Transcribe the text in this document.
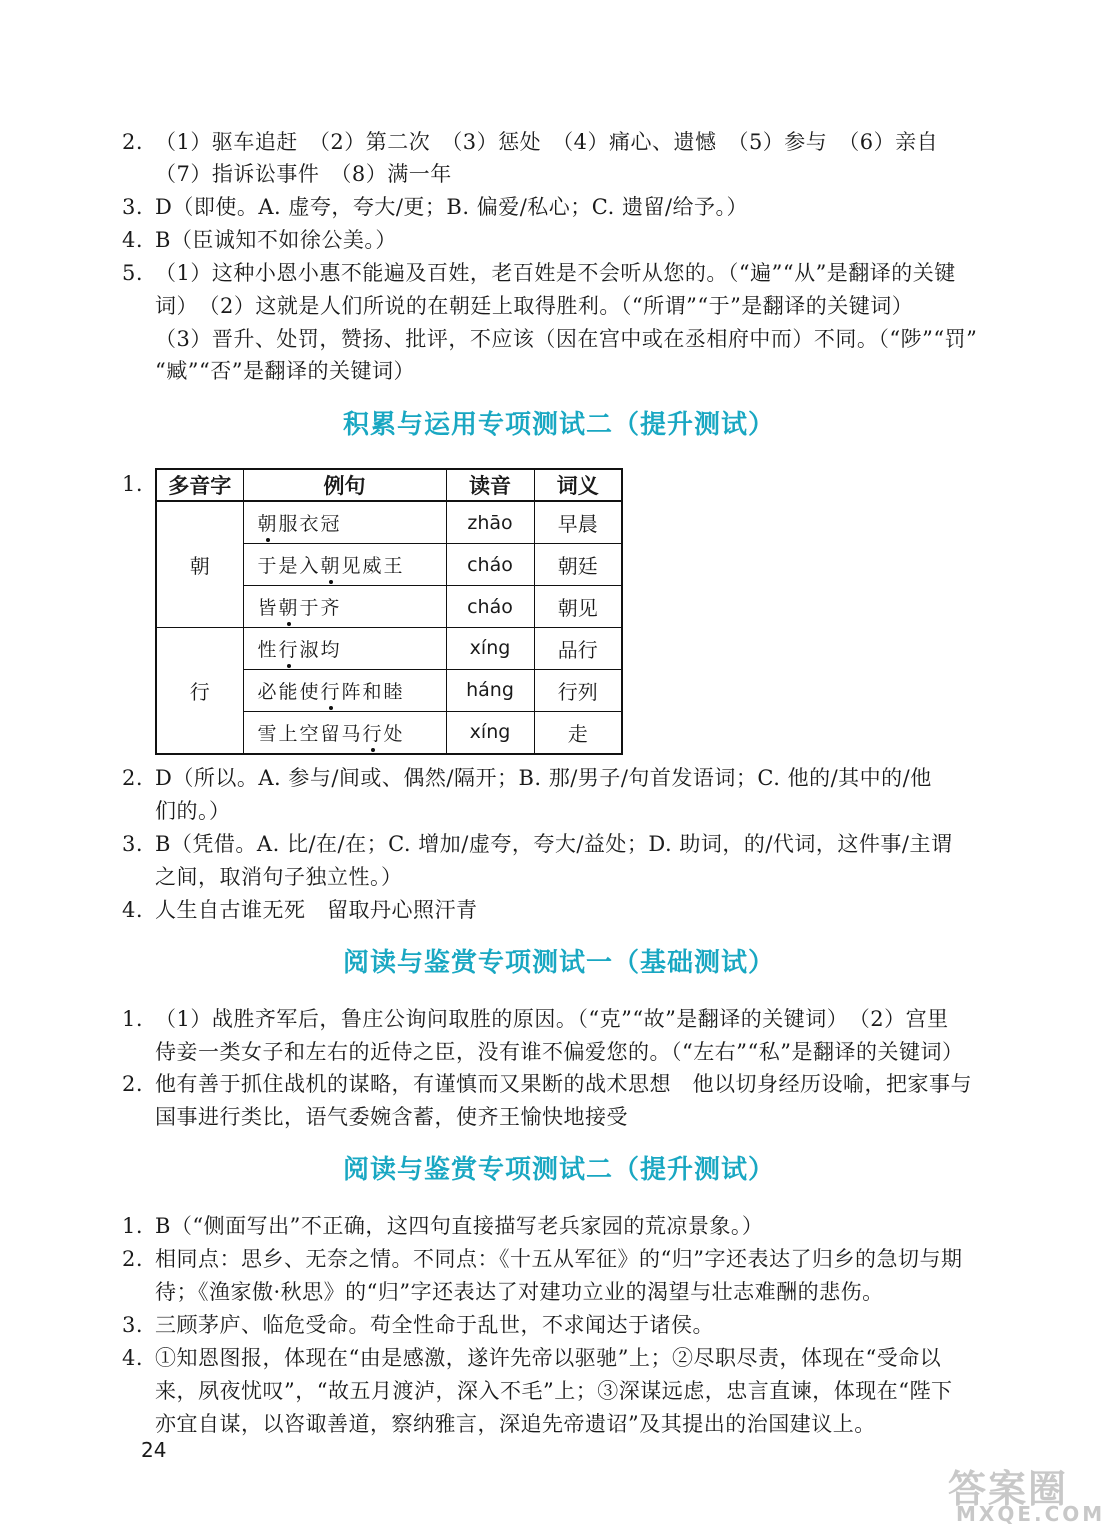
2. （1）驱车追赶　（2）第二次　（3）惩处　（4）痛心、遗憾　（5）参与　（6）亲自
（7）指诉讼事件　（8）满一年
3. D（即使。A. 虚夸，夸大/更；B. 偏爱/私心；C. 遗留/给予。）
4. B（臣诚知不如徐公美。）
5. （1）这种小恩小惠不能遍及百姓，老百姓是不会听从您的。（“遍”“从”是翻译的关键
词）　（2）这就是人们所说的在朝廷上取得胜利。（“所谓”“于”是翻译的关键词）
（3）晋升、处罚，赞扬、批评，不应该（因在宫中或在丞相府中而）不同。（“陟”“罚”
“臧”“否”是翻译的关键词）
积累与运用专项测试二（提升测试）
1. 多音字	例句	读音	词义
朝	朝服衣冠	zhāo	早晨
	于是入朝见威王	cháo	朝廷
	皆朝于齐	cháo	朝见
行	性行淑均	xíng	品行
	必能使行阵和睦	háng	行列
	雪上空留马行处	xíng	走
2. D（所以。A. 参与/间或、偶然/隔开；B. 那/男子/句首发语词；C. 他的/其中的/他
们的。）
3. B（凭借。A. 比/在/在；C. 增加/虚夸，夸大/益处；D. 助词，的/代词，这件事/主谓
之间，取消句子独立性。）
4. 人生自古谁无死　留取丹心照汗青
阅读与鉴赏专项测试一（基础测试）
1. （1）战胜齐军后，鲁庄公询问取胜的原因。（“克”“故”是翻译的关键词）　（2）宫里
侍妾一类女子和左右的近侍之臣，没有谁不偏爱您的。（“左右”“私”是翻译的关键词）
2. 他有善于抓住战机的谋略，有谨慎而又果断的战术思想　他以切身经历设喻，把家事与
国事进行类比，语气委婉含蓄，使齐王愉快地接受
阅读与鉴赏专项测试二（提升测试）
1. B（“侧面写出”不正确，这四句直接描写老兵家园的荒凉景象。）
2. 相同点：思乡、无奈之情。不同点：《十五从军征》的“归”字还表达了归乡的急切与期
待；《渔家傲·秋思》的“归”字还表达了对建功立业的渴望与壮志难酬的悲伤。
3. 三顾茅庐、临危受命。苟全性命于乱世，不求闻达于诸侯。
4. ①知恩图报，体现在“由是感激，遂许先帝以驱驰”上；②尽职尽责，体现在“受命以
来，夙夜忧叹”，“故五月渡泸，深入不毛”上；③深谋远虑，忠言直谏，体现在“陛下
亦宜自谋，以咨诹善道，察纳雅言，深追先帝遗诏”及其提出的治国建议上。
24
答案圈
MXQE.COM
